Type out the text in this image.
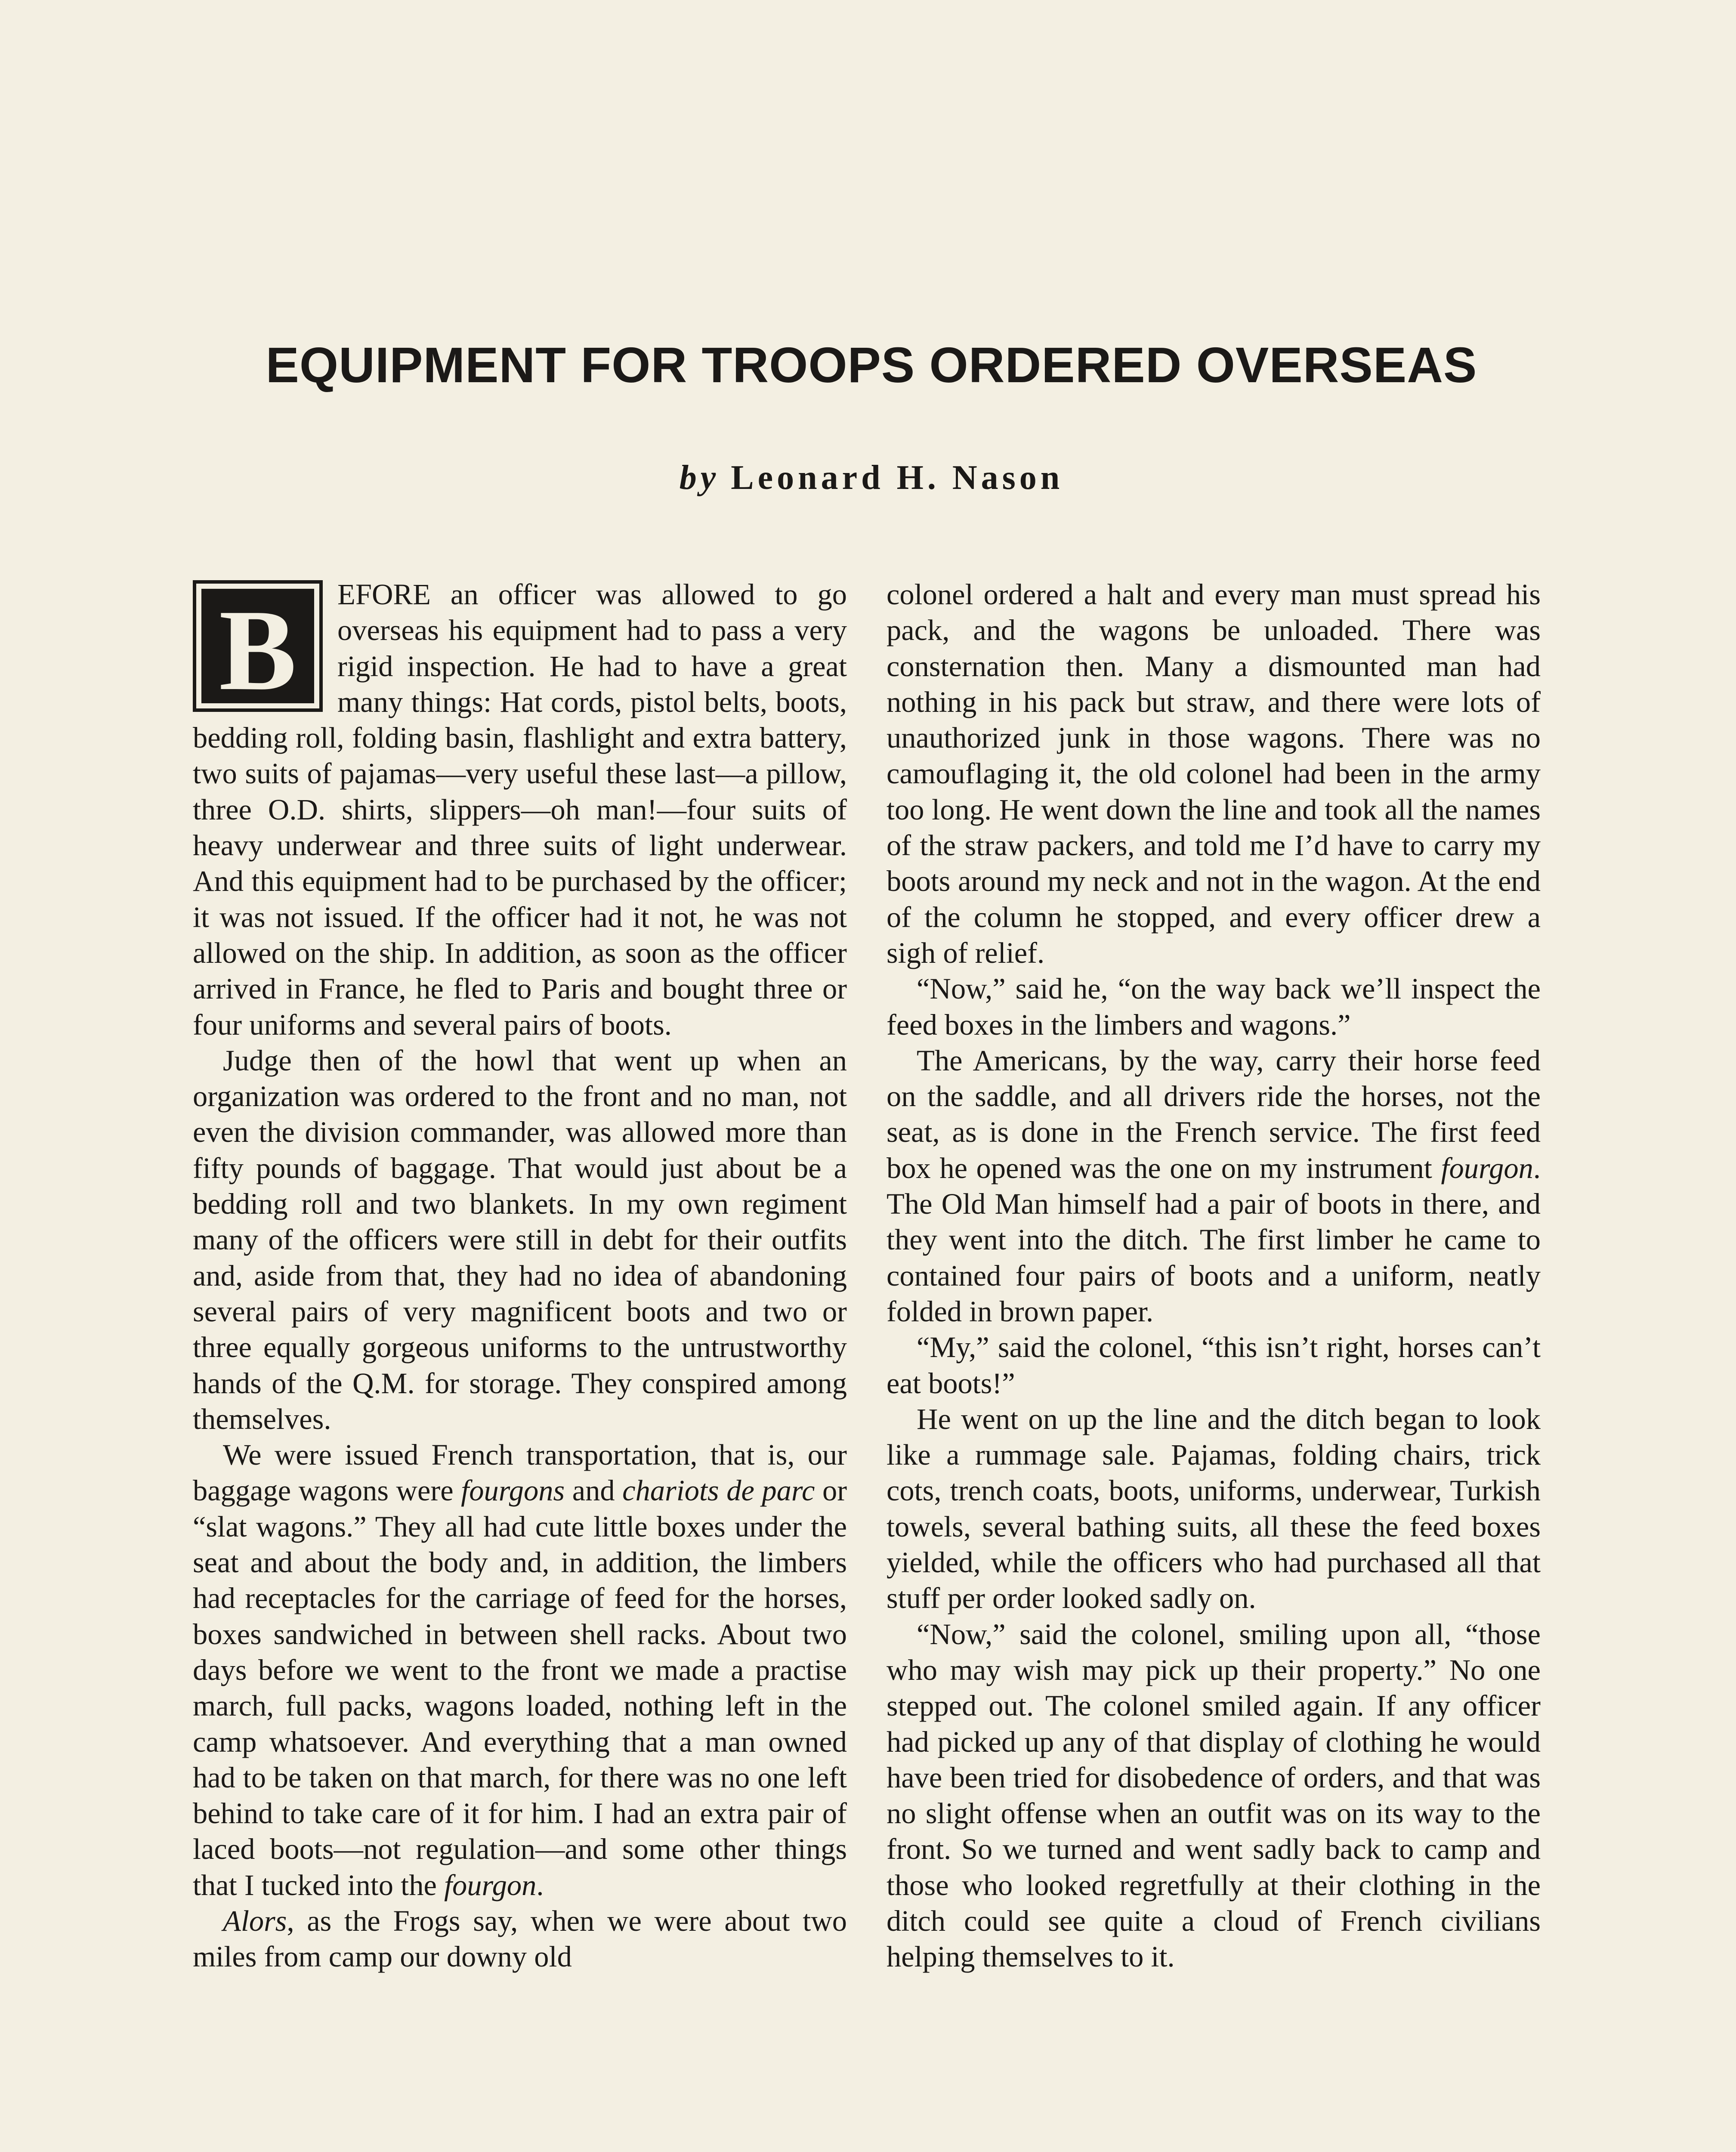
EQUIPMENT FOR TROOPS ORDERED OVERSEAS
by Leonard H. Nason
B	EFORE an officer was allowed to go overseas his equipment had to pass a very rigid inspection. He had to have a great many things: Hat cords, pistol belts, boots, bedding roll, folding basin, flashlight and extra battery, two suits of pajamas—very useful these last—a pillow, three O.D. shirts, slippers—oh man!—four suits of heavy underwear and three suits of light underwear. And this equipment had to be purchased by the officer; it was not issued. If the officer had it not, he was not allowed on the ship. In addition, as soon as the officer arrived in France, he fled to Paris and bought three or four uniforms and several pairs of boots.

Judge then of the howl that went up when an organization was ordered to the front and no man, not even the division commander, was allowed more than fifty pounds of baggage. That would just about be a bedding roll and two blankets. In my own regiment many of the officers were still in debt for their outfits and, aside from that, they had no idea of abandoning several pairs of very magnificent boots and two or three equally gorgeous uniforms to the untrustworthy hands of the Q.M. for storage. They conspired among themselves.

We were issued French transportation, that is, our baggage wagons were fourgons and chariots de parc or “slat wagons.” They all had cute little boxes under the seat and about the body and, in addition, the limbers had receptacles for the carriage of feed for the horses, boxes sandwiched in between shell racks. About two days before we went to the front we made a practise march, full packs, wagons loaded, nothing left in the camp whatsoever. And everything that a man owned had to be taken on that march, for there was no one left behind to take care of it for him. I had an extra pair of laced boots—not regulation—and some other things that I tucked into the fourgon.

Alors, as the Frogs say, when we were about two miles from camp our downy old

colonel ordered a halt and every man must spread his pack, and the wagons be unloaded. There was consternation then. Many a dismounted man had nothing in his pack but straw, and there were lots of unauthorized junk in those wagons. There was no camouflaging it, the old colonel had been in the army too long. He went down the line and took all the names of the straw packers, and told me I’d have to carry my boots around my neck and not in the wagon. At the end of the column he stopped, and every officer drew a sigh of relief.

“Now,” said he, “on the way back we’ll inspect the feed boxes in the limbers and wagons.”

The Americans, by the way, carry their horse feed on the saddle, and all drivers ride the horses, not the seat, as is done in the French service. The first feed box he opened was the one on my instrument fourgon. The Old Man himself had a pair of boots in there, and they went into the ditch. The first limber he came to contained four pairs of boots and a uniform, neatly folded in brown paper.

“My,” said the colonel, “this isn’t right, horses can’t eat boots!”

He went on up the line and the ditch began to look like a rummage sale. Pajamas, folding chairs, trick cots, trench coats, boots, uniforms, underwear, Turkish towels, several bathing suits, all these the feed boxes yielded, while the officers who had purchased all that stuff per order looked sadly on.

“Now,” said the colonel, smiling upon all, “those who may wish may pick up their property.” No one stepped out. The colonel smiled again. If any officer had picked up any of that display of clothing he would have been tried for disobedence of orders, and that was no slight offense when an outfit was on its way to the front. So we turned and went sadly back to camp and those who looked regretfully at their clothing in the ditch could see quite a cloud of French civilians helping themselves to it.
